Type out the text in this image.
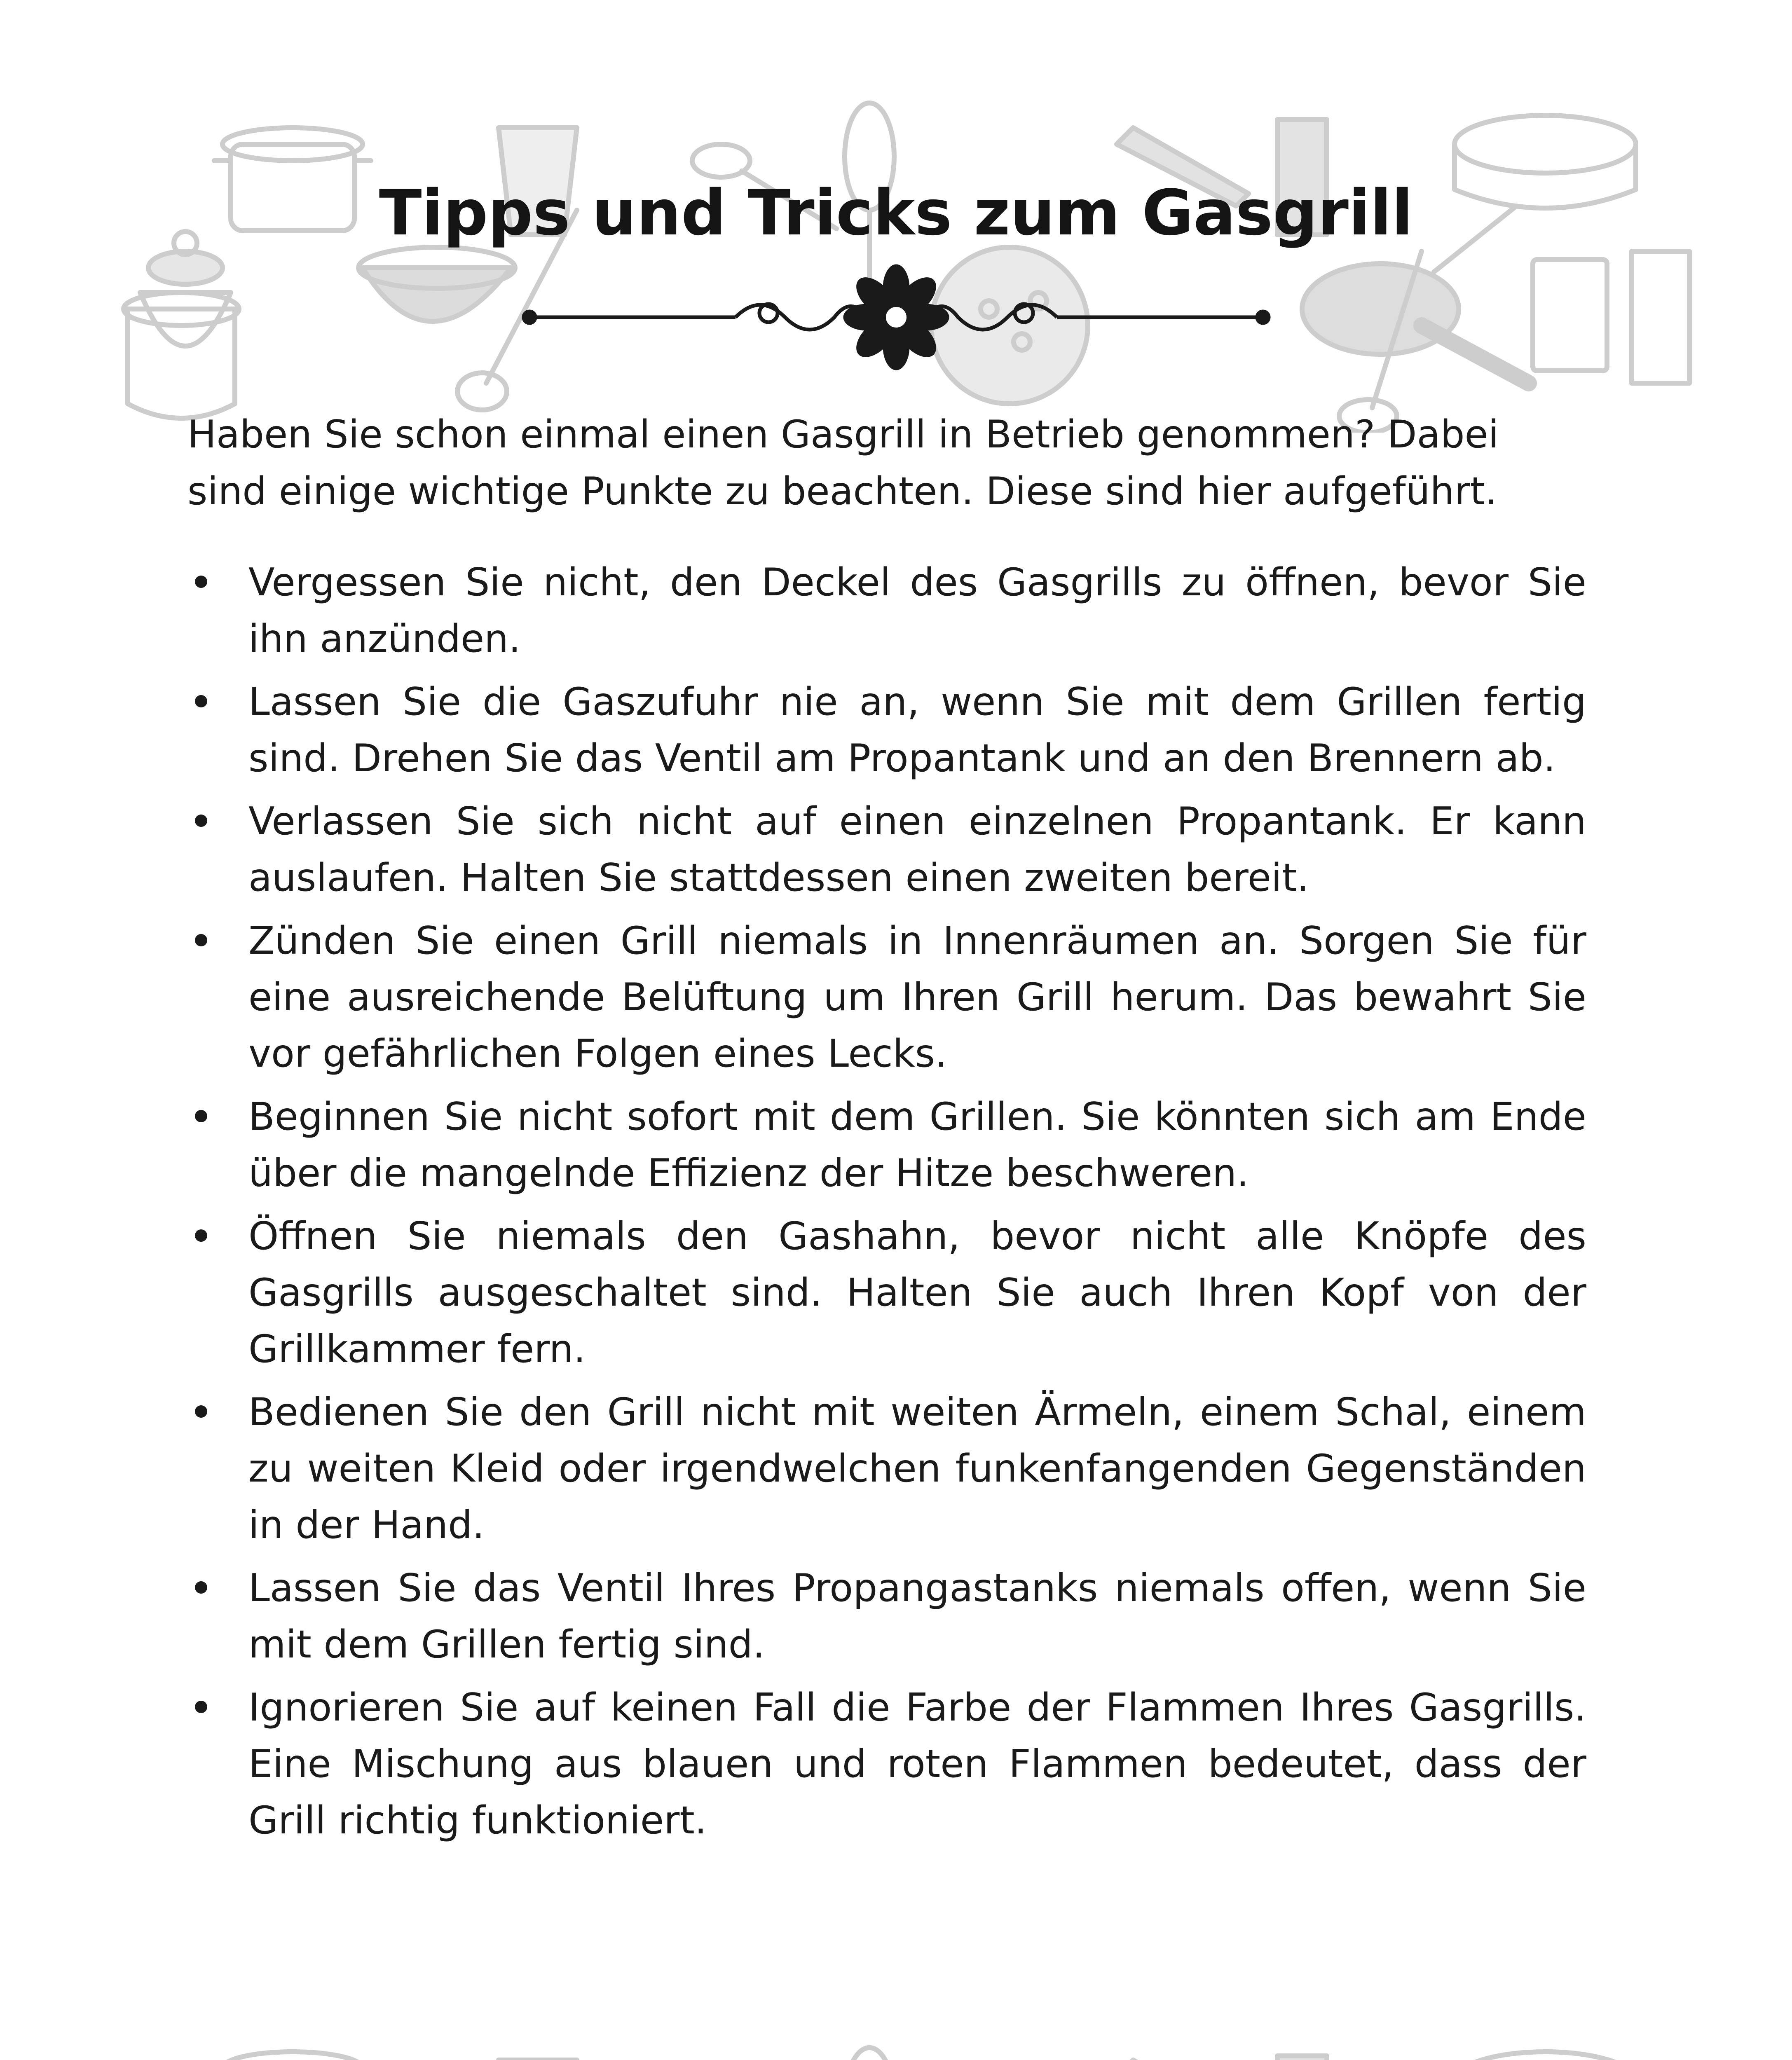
Tipps und Tricks zum Gasgrill

Haben Sie schon einmal einen Gasgrill in Betrieb genommen? Dabei sind einige wichtige Punkte zu beachten. Diese sind hier aufgeführt.

Vergessen Sie nicht, den Deckel des Gasgrills zu öffnen, bevor Sie ihn anzünden.
Lassen Sie die Gaszufuhr nie an, wenn Sie mit dem Grillen fertig sind. Drehen Sie das Ventil am Propantank und an den Brennern ab.
Verlassen Sie sich nicht auf einen einzelnen Propantank. Er kann auslaufen. Halten Sie stattdessen einen zweiten bereit.
Zünden Sie einen Grill niemals in Innenräumen an. Sorgen Sie für eine ausreichende Belüftung um Ihren Grill herum. Das bewahrt Sie vor gefährlichen Folgen eines Lecks.
Beginnen Sie nicht sofort mit dem Grillen. Sie könnten sich am Ende über die mangelnde Effizienz der Hitze beschweren.
Öffnen Sie niemals den Gashahn, bevor nicht alle Knöpfe des Gasgrills ausgeschaltet sind. Halten Sie auch Ihren Kopf von der Grillkammer fern.
Bedienen Sie den Grill nicht mit weiten Ärmeln, einem Schal, einem zu weiten Kleid oder irgendwelchen funkenfangenden Gegenständen in der Hand.
Lassen Sie das Ventil Ihres Propangastanks niemals offen, wenn Sie mit dem Grillen fertig sind.
Ignorieren Sie auf keinen Fall die Farbe der Flammen Ihres Gasgrills. Eine Mischung aus blauen und roten Flammen bedeutet, dass der Grill richtig funktioniert.
